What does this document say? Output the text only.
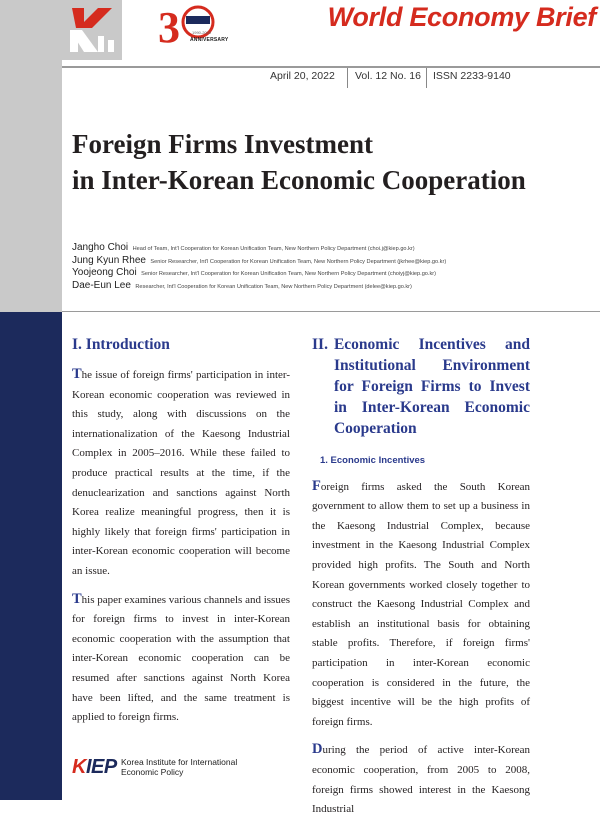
3	1990-2020
ANNIVERSARY
World Economy Brief
April 20, 2022 Vol. 12 No. 16 ISSN 2233-9140
Foreign Firms Investment
in Inter-Korean Economic Cooperation
Jangho Choi Head of Team, Int'l Cooperation for Korean Unification Team, New Northern Policy Department (choi.j@kiep.go.kr)
Jung Kyun Rhee Senior Researcher, Int'l Cooperation for Korean Unification Team, New Northern Policy Department (jkrhee@kiep.go.kr)
Yoojeong Choi Senior Researcher, Int'l Cooperation for Korean Unification Team, New Northern Policy Department (choiyj@kiep.go.kr)
Dae-Eun Lee Researcher, Int'l Cooperation for Korean Unification Team, New Northern Policy Department (delee@kiep.go.kr)
I. Introduction

The issue of foreign firms' participation in inter-Korean economic cooperation was reviewed in this study, along with discussions on the internationalization of the Kaesong Industrial Complex in 2005–2016. While these failed to produce practical results at the time, if the denuclearization and sanctions against North Korea realize meaningful progress, then it is highly likely that foreign firms' participation in inter-Korean economic cooperation will become an issue.

This paper examines various channels and issues for foreign firms to invest in inter-Korean economic cooperation with the assumption that inter-Korean economic cooperation can be resumed after sanctions against North Korea have been lifted, and the same treatment is applied to foreign firms.

II. Economic Incentives and Institutional Environment for Foreign Firms to Invest in Inter-Korean Economic Cooperation
1. Economic Incentives

Foreign firms asked the South Korean government to allow them to set up a business in the Kaesong Industrial Complex, because investment in the Kaesong Industrial Complex provided high profits. The South and North Korean governments worked closely together to construct the Kaesong Industrial Complex and establish an institutional basis for obtaining stable profits. Therefore, if foreign firms' participation in inter-Korean economic cooperation is considered in the future, the biggest incentive will be the high profits of foreign firms.

During the period of active inter-Korean economic cooperation, from 2005 to 2008, foreign firms showed interest in the Kaesong Industrial

KIEP Korea Institute for International
Economic Policy
